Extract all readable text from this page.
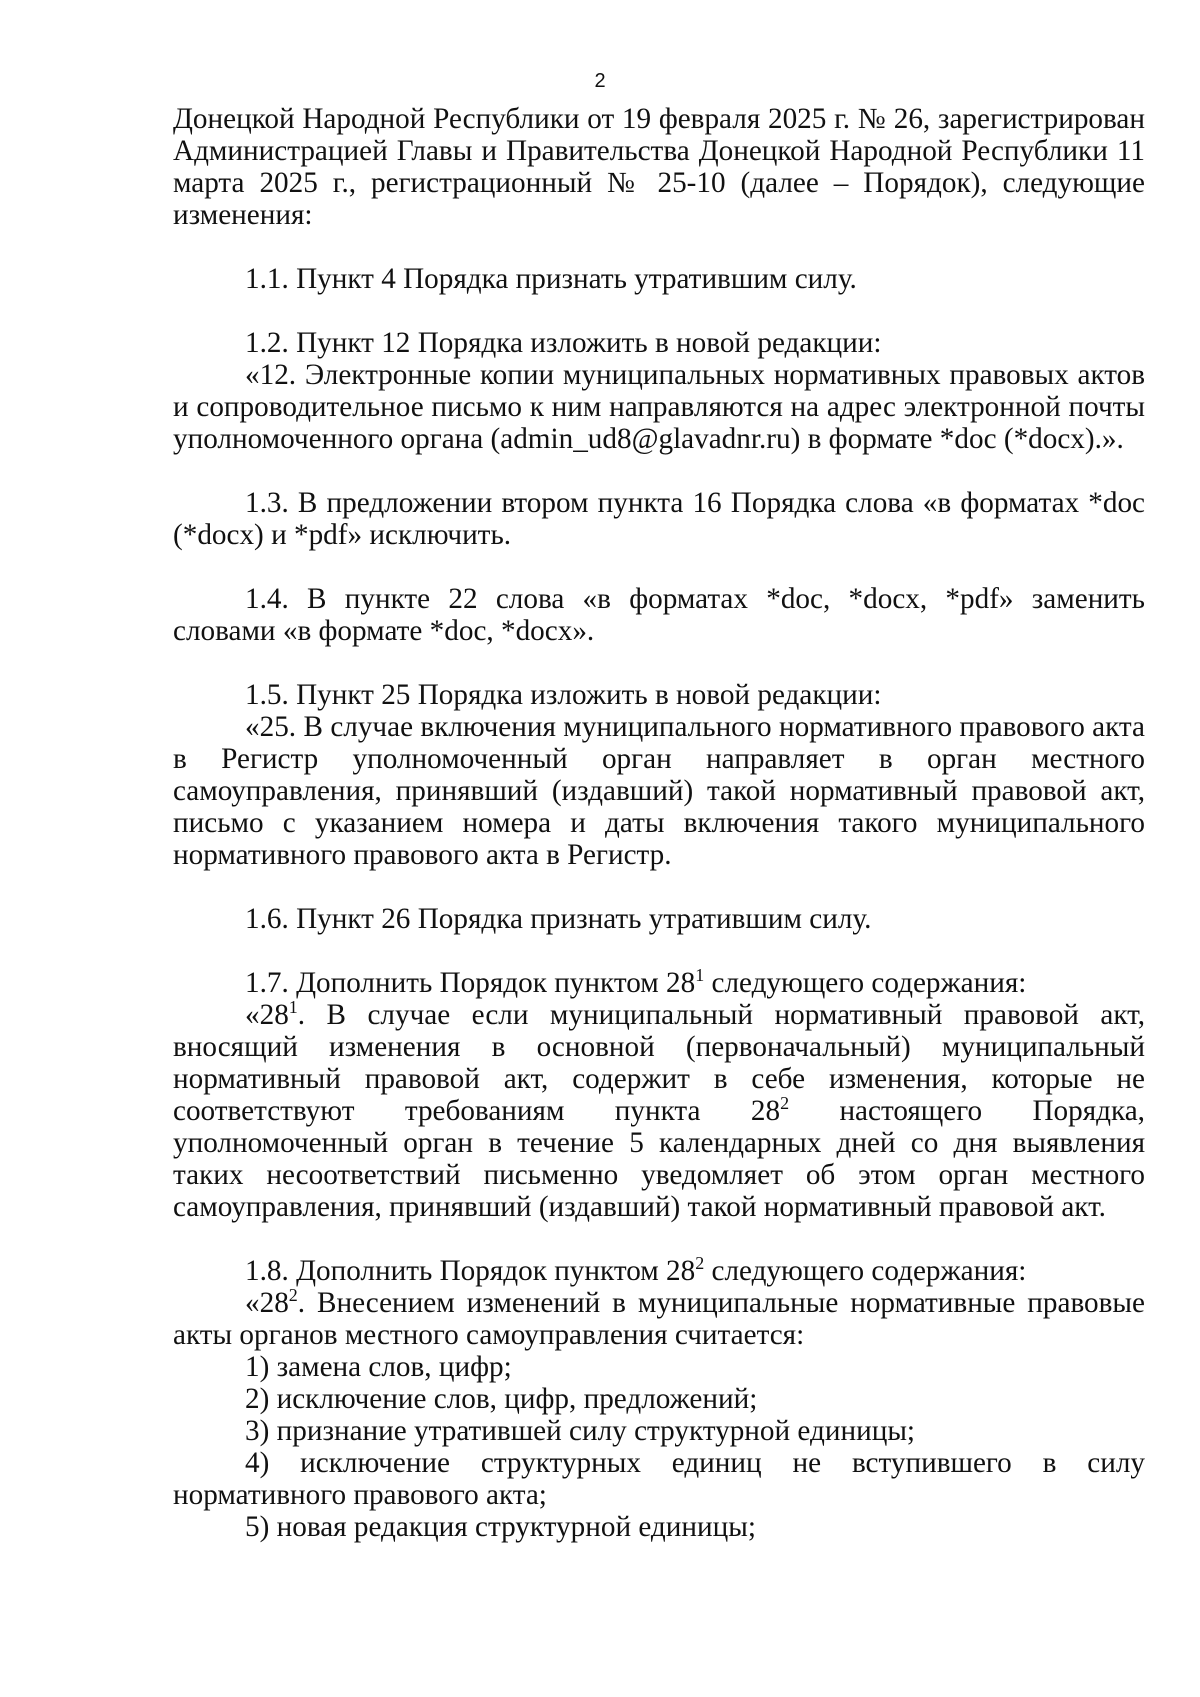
2

Донецкой Народной Республики от 19 февраля 2025 г. № 26, зарегистрирован Администрацией Главы и Правительства Донецкой Народной Республики 11 марта 2025 г., регистрационный № 25-10 (далее – Порядок), следующие изменения:

1.1. Пункт 4 Порядка признать утратившим силу.

1.2. Пункт 12 Порядка изложить в новой редакции:

«12. Электронные копии муниципальных нормативных правовых актов и сопроводительное письмо к ним направляются на адрес электронной почты уполномоченного органа (admin_ud8@glavadnr.ru) в формате *doc (*docx).».

1.3. В предложении втором пункта 16 Порядка слова «в форматах *doc (*docx) и *pdf» исключить.

1.4. В пункте 22 слова «в форматах *doc, *docx, *pdf» заменить словами «в формате *doc, *docx».

1.5. Пункт 25 Порядка изложить в новой редакции:

«25. В случае включения муниципального нормативного правового акта в Регистр уполномоченный орган направляет в орган местного самоуправления, принявший (издавший) такой нормативный правовой акт, письмо с указанием номера и даты включения такого муниципального нормативного правового акта в Регистр.

1.6. Пункт 26 Порядка признать утратившим силу.

1.7. Дополнить Порядок пунктом $28^1$ следующего содержания:

«$28^1$. В случае если муниципальный нормативный правовой акт, вносящий изменения в основной (первоначальный) муниципальный нормативный правовой акт, содержит в себе изменения, которые не соответствуют требованиям пункта $28^2$ настоящего Порядка, уполномоченный орган в течение 5 календарных дней со дня выявления таких несоответствий письменно уведомляет об этом орган местного самоуправления, принявший (издавший) такой нормативный правовой акт.

1.8. Дополнить Порядок пунктом $28^2$ следующего содержания:

«$28^2$. Внесением изменений в муниципальные нормативные правовые акты органов местного самоуправления считается:

1) замена слов, цифр;

2) исключение слов, цифр, предложений;

3) признание утратившей силу структурной единицы;

4) исключение структурных единиц не вступившего в силу нормативного правового акта;

5) новая редакция структурной единицы;
